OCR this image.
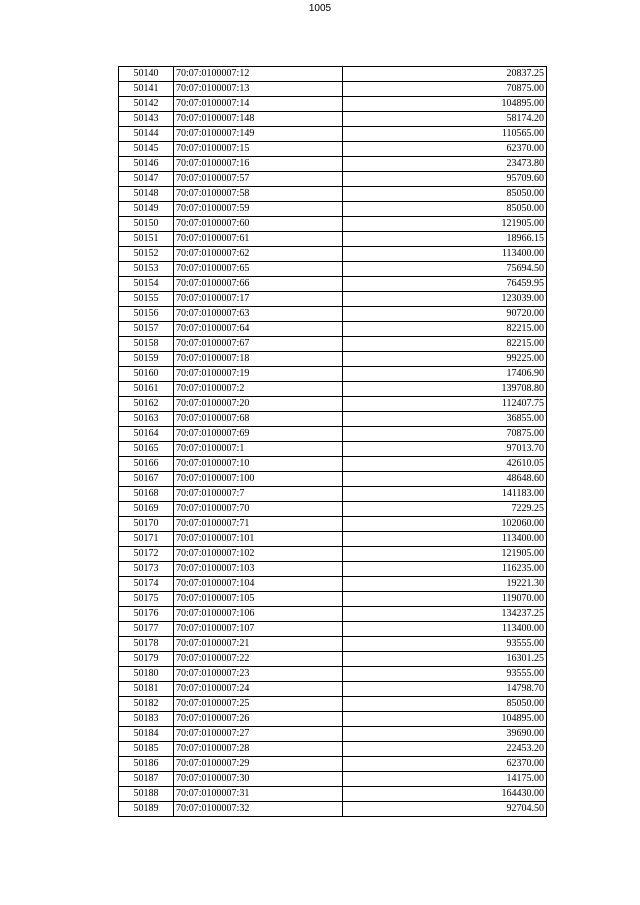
1005
50140	70:07:0100007:12	20837.25
50141	70:07:0100007:13	70875.00
50142	70:07:0100007:14	104895.00
50143	70:07:0100007:148	58174.20
50144	70:07:0100007:149	110565.00
50145	70:07:0100007:15	62370.00
50146	70:07:0100007:16	23473.80
50147	70:07:0100007:57	95709.60
50148	70:07:0100007:58	85050.00
50149	70:07:0100007:59	85050.00
50150	70:07:0100007:60	121905.00
50151	70:07:0100007:61	18966.15
50152	70:07:0100007:62	113400.00
50153	70:07:0100007:65	75694.50
50154	70:07:0100007:66	76459.95
50155	70:07:0100007:17	123039.00
50156	70:07:0100007:63	90720.00
50157	70:07:0100007:64	82215.00
50158	70:07:0100007:67	82215.00
50159	70:07:0100007:18	99225.00
50160	70:07:0100007:19	17406.90
50161	70:07:0100007:2	139708.80
50162	70:07:0100007:20	112407.75
50163	70:07:0100007:68	36855.00
50164	70:07:0100007:69	70875.00
50165	70:07:0100007:1	97013.70
50166	70:07:0100007:10	42610.05
50167	70:07:0100007:100	48648.60
50168	70:07:0100007:7	141183.00
50169	70:07:0100007:70	7229.25
50170	70:07:0100007:71	102060.00
50171	70:07:0100007:101	113400.00
50172	70:07:0100007:102	121905.00
50173	70:07:0100007:103	116235.00
50174	70:07:0100007:104	19221.30
50175	70:07:0100007:105	119070.00
50176	70:07:0100007:106	134237.25
50177	70:07:0100007:107	113400.00
50178	70:07:0100007:21	93555.00
50179	70:07:0100007:22	16301.25
50180	70:07:0100007:23	93555.00
50181	70:07:0100007:24	14798.70
50182	70:07:0100007:25	85050.00
50183	70:07:0100007:26	104895.00
50184	70:07:0100007:27	39690.00
50185	70:07:0100007:28	22453.20
50186	70:07:0100007:29	62370.00
50187	70:07:0100007:30	14175.00
50188	70:07:0100007:31	164430.00
50189	70:07:0100007:32	92704.50
